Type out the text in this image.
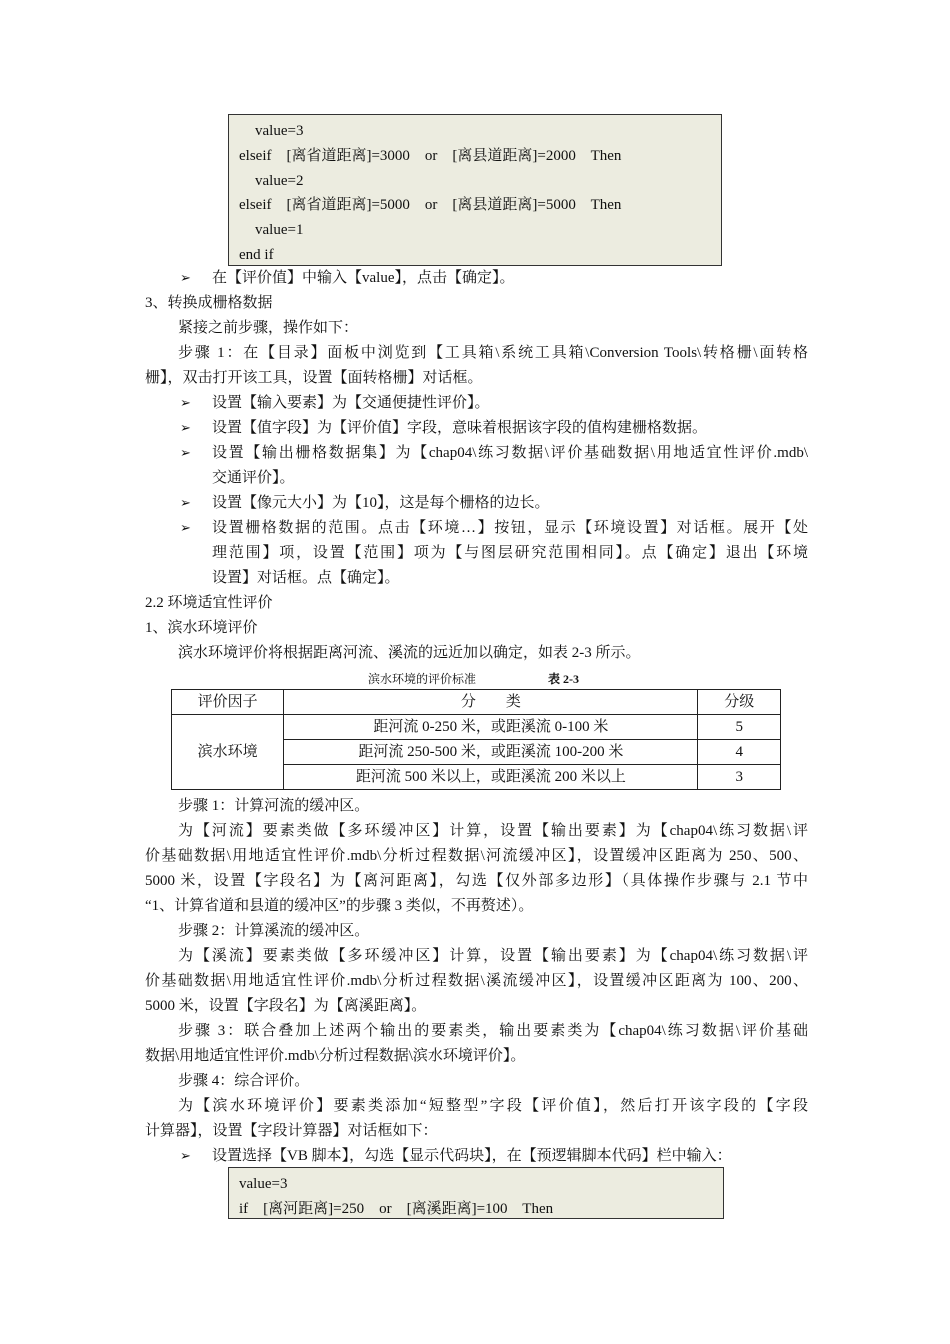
value=3
elseif    [离省道距离]=3000    or    [离县道距离]=2000    Then
value=2
elseif    [离省道距离]=5000    or    [离县道距离]=5000    Then
value=1
end if
➢ 在【评价值】中输入【value】，点击【确定】。
3、转换成栅格数据
紧接之前步骤，操作如下：
步骤 1：在【目录】面板中浏览到【工具箱\系统工具箱\Conversion Tools\转格栅\面转格
栅】，双击打开该工具，设置【面转格栅】对话框。
➢ 设置【输入要素】为【交通便捷性评价】。
➢ 设置【值字段】为【评价值】字段，意味着根据该字段的值构建栅格数据。
➢ 设置【输出栅格数据集】为【chap04\练习数据\评价基础数据\用地适宜性评价.mdb\
交通评价】。
➢ 设置【像元大小】为【10】，这是每个栅格的边长。
➢ 设置栅格数据的范围。点击【环境…】按钮，显示【环境设置】对话框。展开【处
理范围】项，设置【范围】项为【与图层研究范围相同】。点【确定】退出【环境
设置】对话框。点【确定】。
2.2 环境适宜性评价
1、滨水环境评价
滨水环境评价将根据距离河流、溪流的远近加以确定，如表 2-3 所示。
滨水环境的评价标准	表 2-3
评价因子	分　　类	分级
滨水环境	距河流 0-250 米，或距溪流 0-100 米	5
	距河流 250-500 米，或距溪流 100-200 米	4
	距河流 500 米以上，或距溪流 200 米以上	3
步骤 1：计算河流的缓冲区。
为【河流】要素类做【多环缓冲区】计算，设置【输出要素】为【chap04\练习数据\评
价基础数据\用地适宜性评价.mdb\分析过程数据\河流缓冲区】，设置缓冲区距离为 250、500、
5000 米，设置【字段名】为【离河距离】，勾选【仅外部多边形】（具体操作步骤与 2.1 节中
“1、计算省道和县道的缓冲区”的步骤 3 类似，不再赘述）。
步骤 2：计算溪流的缓冲区。
为【溪流】要素类做【多环缓冲区】计算，设置【输出要素】为【chap04\练习数据\评
价基础数据\用地适宜性评价.mdb\分析过程数据\溪流缓冲区】，设置缓冲区距离为 100、200、
5000 米，设置【字段名】为【离溪距离】。
步骤 3：联合叠加上述两个输出的要素类，输出要素类为【chap04\练习数据\评价基础
数据\用地适宜性评价.mdb\分析过程数据\滨水环境评价】。
步骤 4：综合评价。
为【滨水环境评价】要素类添加“短整型”字段【评价值】，然后打开该字段的【字段
计算器】，设置【字段计算器】对话框如下：
➢ 设置选择【VB 脚本】，勾选【显示代码块】，在【预逻辑脚本代码】栏中输入：
value=3
if    [离河距离]=250    or    [离溪距离]=100    Then
